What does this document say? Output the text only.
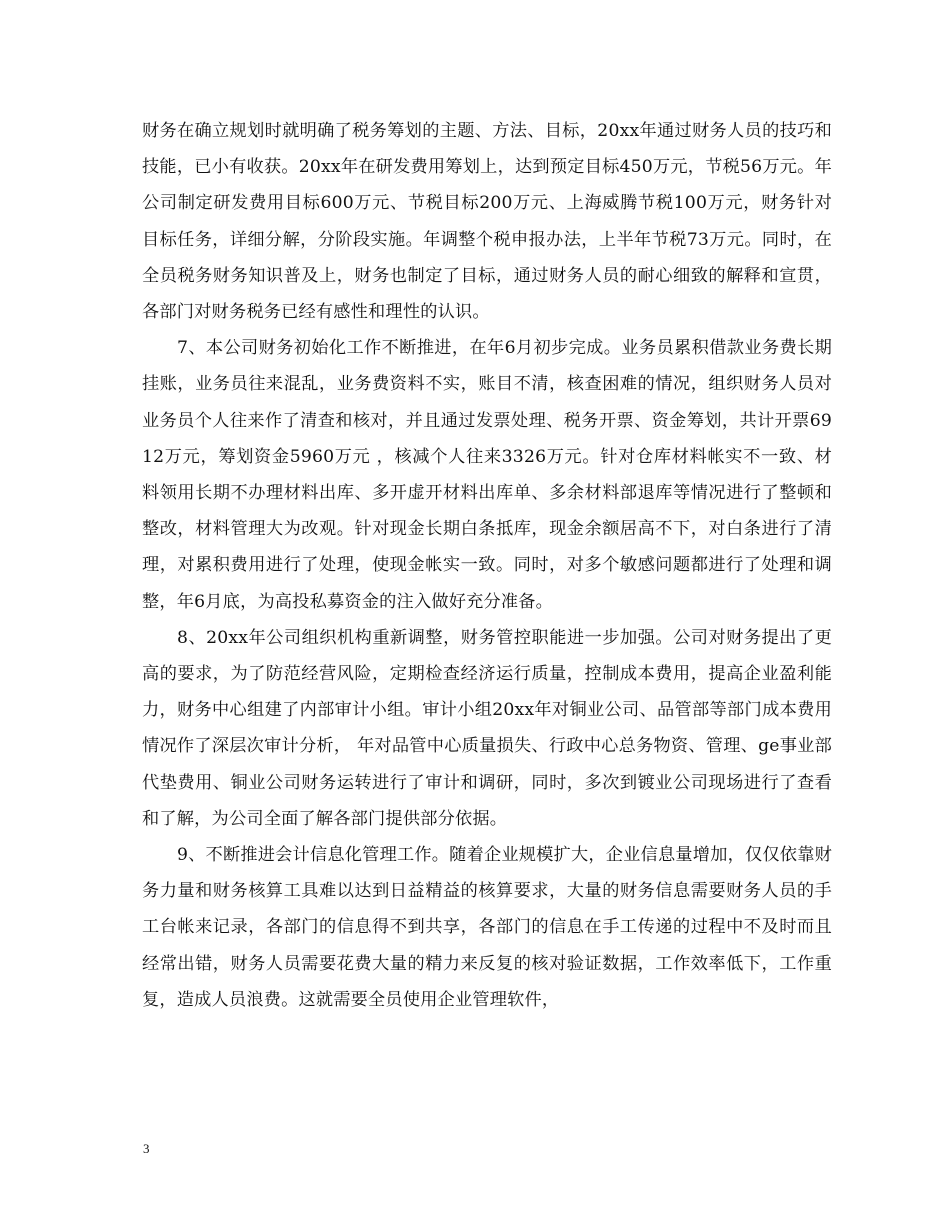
财务在确立规划时就明确了税务筹划的主题、方法、目标，20xx年通过财务人员的技巧和技能，已小有收获。20xx年在研发费用筹划上，达到预定目标450万元，节税56万元。年公司制定研发费用目标600万元、节税目标200万元、上海威腾节税100万元，财务针对目标任务，详细分解，分阶段实施。年调整个税申报办法，上半年节税73万元。同时，在全员税务财务知识普及上，财务也制定了目标，通过财务人员的耐心细致的解释和宣贯，各部门对财务税务已经有感性和理性的认识。

7、本公司财务初始化工作不断推进，在年6月初步完成。业务员累积借款业务费长期挂账，业务员往来混乱，业务费资料不实，账目不清，核查困难的情况，组织财务人员对业务员个人往来作了清查和核对，并且通过发票处理、税务开票、资金筹划，共计开票6912万元，筹划资金5960万元 ，核减个人往来3326万元。针对仓库材料帐实不一致、材料领用长期不办理材料出库、多开虚开材料出库单、多余材料部退库等情况进行了整顿和整改，材料管理大为改观。针对现金长期白条抵库，现金余额居高不下，对白条进行了清理，对累积费用进行了处理，使现金帐实一致。同时，对多个敏感问题都进行了处理和调整，年6月底，为高投私募资金的注入做好充分准备。

8、20xx年公司组织机构重新调整，财务管控职能进一步加强。公司对财务提出了更高的要求，为了防范经营风险，定期检查经济运行质量，控制成本费用，提高企业盈利能力，财务中心组建了内部审计小组。审计小组20xx年对铜业公司、品管部等部门成本费用情况作了深层次审计分析， 年对品管中心质量损失、行政中心总务物资、管理、ge事业部代垫费用、铜业公司财务运转进行了审计和调研，同时，多次到镀业公司现场进行了查看和了解，为公司全面了解各部门提供部分依据。

9、不断推进会计信息化管理工作。随着企业规模扩大，企业信息量增加，仅仅依靠财务力量和财务核算工具难以达到日益精益的核算要求，大量的财务信息需要财务人员的手工台帐来记录，各部门的信息得不到共享，各部门的信息在手工传递的过程中不及时而且经常出错，财务人员需要花费大量的精力来反复的核对验证数据，工作效率低下，工作重复，造成人员浪费。这就需要全员使用企业管理软件，

3
